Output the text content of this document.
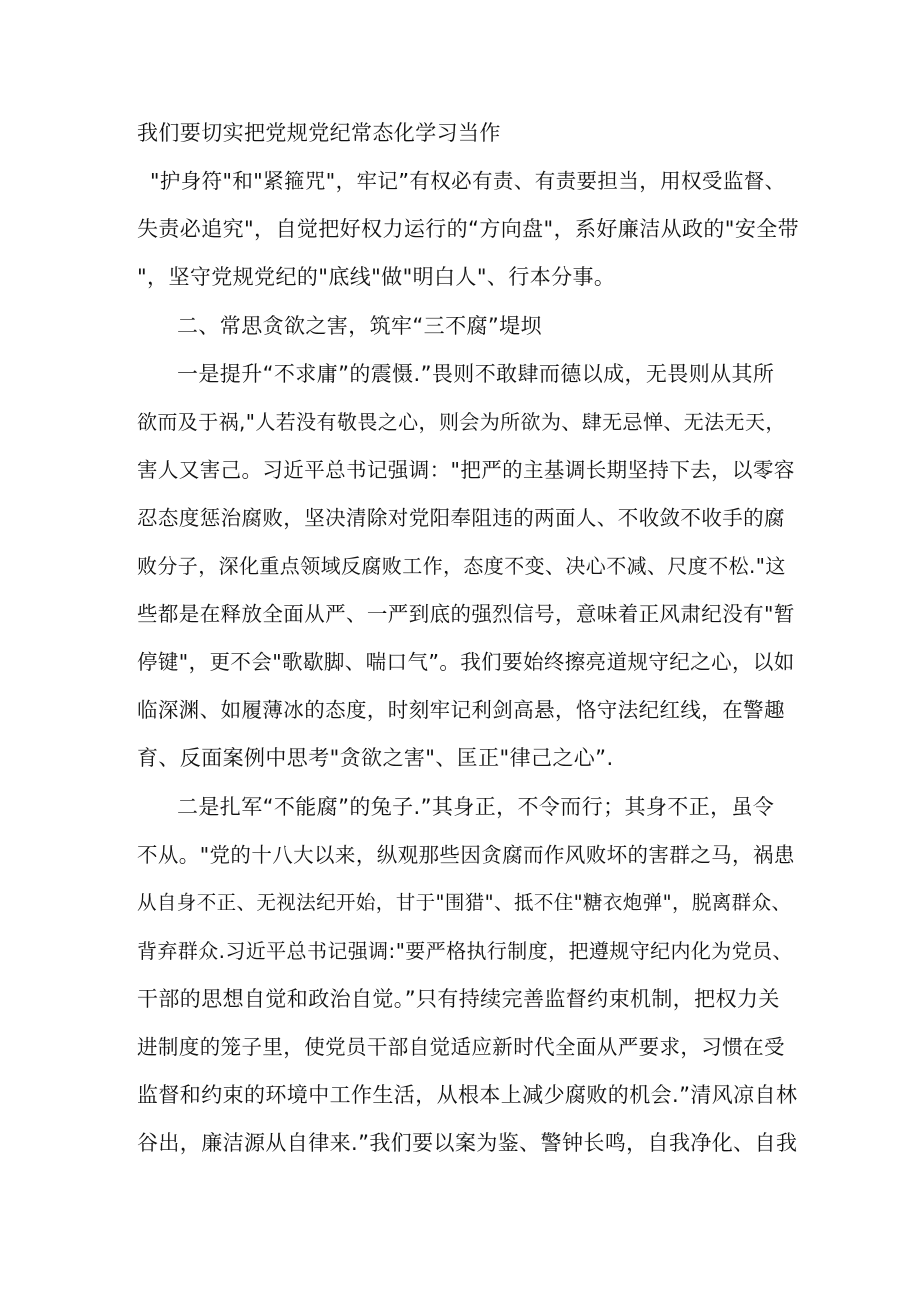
我们要切实把党规党纪常态化学习当作
"护身符"和"紧箍咒"，牢记”有权必有责、有责要担当，用权受监督、
失责必追究"，自觉把好权力运行的“方向盘"，系好廉洁从政的"安全带
"，坚守党规党纪的"底线"做"明白人"、行本分事。
二、常思贪欲之害，筑牢“三不腐”堤坝
一是提升“不求庸”的震慑.”畏则不敢肆而德以成，无畏则从其所
欲而及于祸,"人若没有敬畏之心，则会为所欲为、肆无忌惮、无法无天，
害人又害己。习近平总书记强调："把严的主基调长期坚持下去，以零容
忍态度惩治腐败，坚决清除对党阳奉阻违的两面人、不收敛不收手的腐
败分子，深化重点领域反腐败工作，态度不变、决心不减、尺度不松."这
些都是在释放全面从严、一严到底的强烈信号，意味着正风肃纪没有"暂
停键"，更不会"歌歇脚、喘口气”。我们要始终擦亮道规守纪之心，以如
临深渊、如履薄冰的态度，时刻牢记利剑高悬，恪守法纪红线，在警趣
育、反面案例中思考"贪欲之害"、匡正"律己之心”.
二是扎军“不能腐”的兔子.”其身正，不令而行；其身不正，虽令
不从。"党的十八大以来，纵观那些因贪腐而作风败坏的害群之马，祸患
从自身不正、无视法纪开始，甘于"围猎"、抵不住"糖衣炮弹"，脱离群众、
背弃群众.习近平总书记强调:"要严格执行制度，把遵规守纪内化为党员、
干部的思想自觉和政治自觉。”只有持续完善监督约束机制，把权力关
进制度的笼子里，使党员干部自觉适应新时代全面从严要求，习惯在受
监督和约束的环境中工作生活，从根本上减少腐败的机会.”清风凉自林
谷出，廉洁源从自律来.”我们要以案为鉴、警钟长鸣，自我净化、自我
